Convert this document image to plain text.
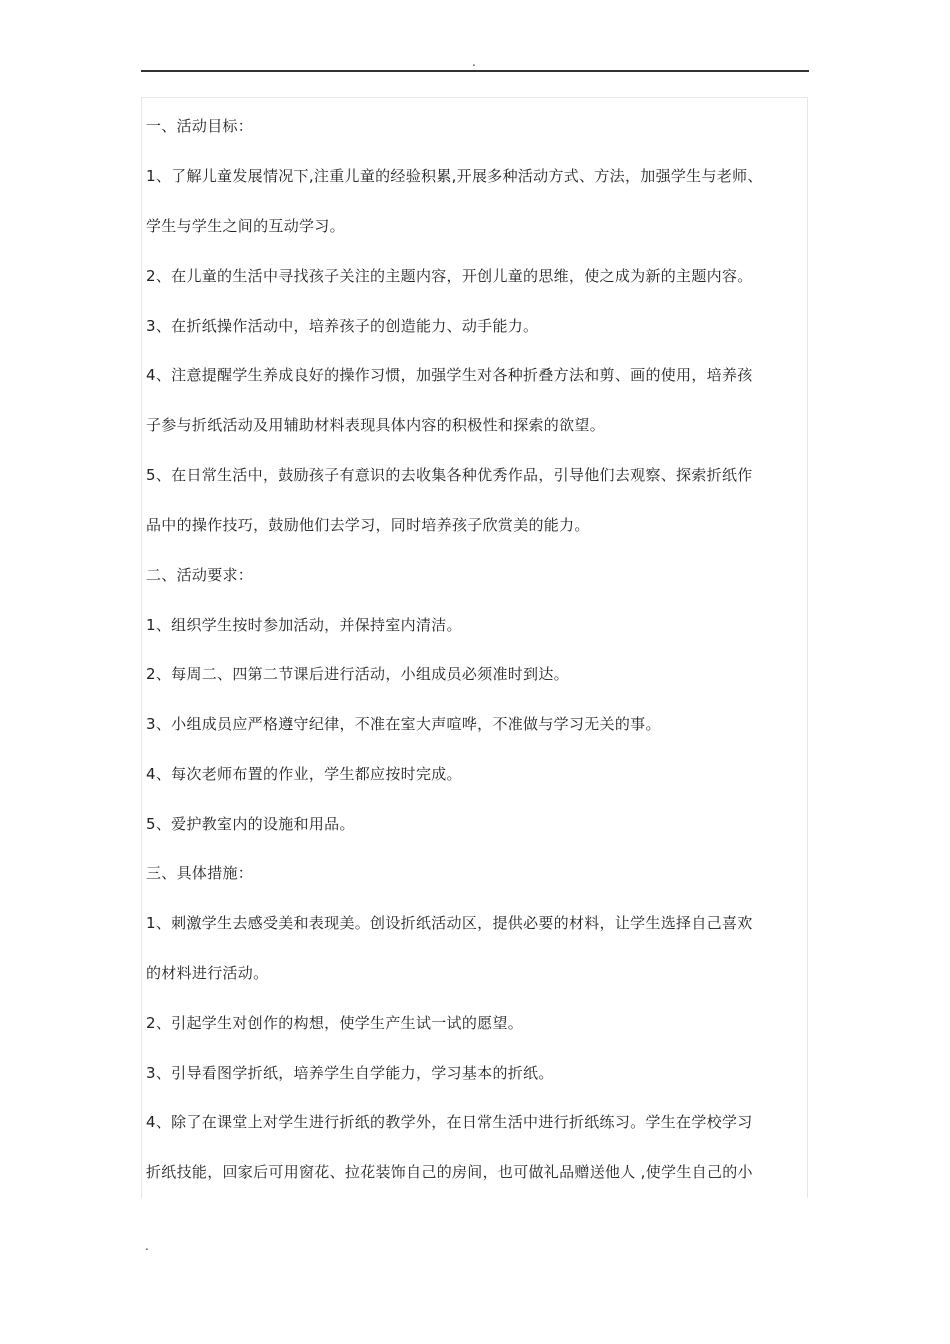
.
一、活动目标：
1、了解儿童发展情况下,注重儿童的经验积累,开展多种活动方式、方法，加强学生与老师、
学生与学生之间的互动学习。
2、在儿童的生活中寻找孩子关注的主题内容，开创儿童的思维，使之成为新的主题内容。
3、在折纸操作活动中，培养孩子的创造能力、动手能力。
4、注意提醒学生养成良好的操作习惯，加强学生对各种折叠方法和剪、画的使用，培养孩
子参与折纸活动及用辅助材料表现具体内容的积极性和探索的欲望。
5、在日常生活中，鼓励孩子有意识的去收集各种优秀作品，引导他们去观察、探索折纸作
品中的操作技巧，鼓励他们去学习，同时培养孩子欣赏美的能力。
二、活动要求：
1、组织学生按时参加活动，并保持室内清洁。
2、每周二、四第二节课后进行活动，小组成员必须准时到达。
3、小组成员应严格遵守纪律，不准在室大声喧哗，不准做与学习无关的事。
4、每次老师布置的作业，学生都应按时完成。
5、爱护教室内的设施和用品。
三、具体措施：
1、刺激学生去感受美和表现美。创设折纸活动区，提供必要的材料，让学生选择自己喜欢
的材料进行活动。
2、引起学生对创作的构想，使学生产生试一试的愿望。
3、引导看图学折纸，培养学生自学能力，学习基本的折纸。
4、除了在课堂上对学生进行折纸的教学外，在日常生活中进行折纸练习。学生在学校学习
折纸技能，回家后可用窗花、拉花装饰自己的房间，也可做礼品赠送他人 ,使学生自己的小
.
